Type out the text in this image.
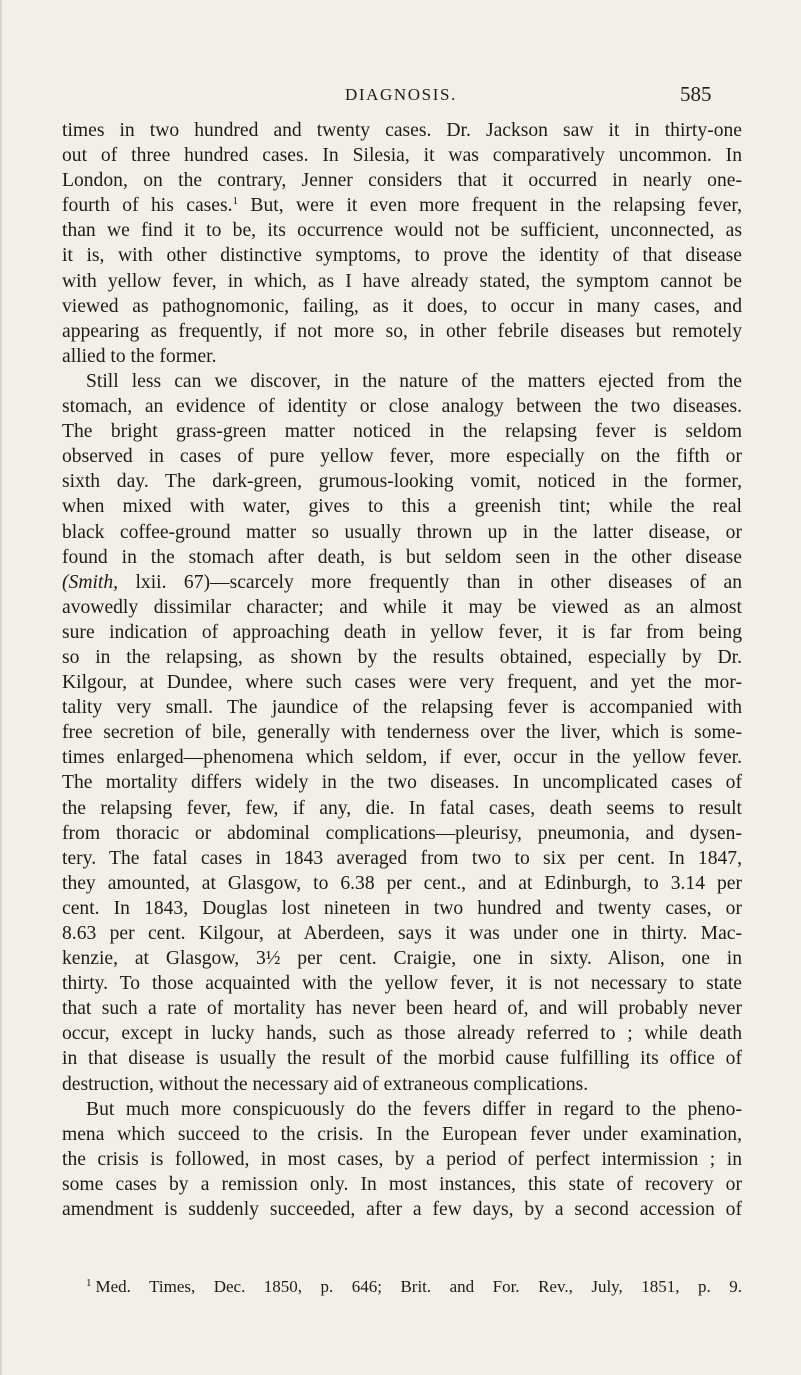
DIAGNOSIS.	585
times in two hundred and twenty cases. Dr. Jackson saw it in thirty-one
out of three hundred cases. In Silesia, it was comparatively uncommon. In
London, on the contrary, Jenner considers that it occurred in nearly one-
fourth of his cases.$^1$ But, were it even more frequent in the relapsing fever,
than we find it to be, its occurrence would not be sufficient, unconnected, as
it is, with other distinctive symptoms, to prove the identity of that disease
with yellow fever, in which, as I have already stated, the symptom cannot be
viewed as pathognomonic, failing, as it does, to occur in many cases, and
appearing as frequently, if not more so, in other febrile diseases but remotely
allied to the former.
Still less can we discover, in the nature of the matters ejected from the
stomach, an evidence of identity or close analogy between the two diseases.
The bright grass-green matter noticed in the relapsing fever is seldom
observed in cases of pure yellow fever, more especially on the fifth or
sixth day. The dark-green, grumous-looking vomit, noticed in the former,
when mixed with water, gives to this a greenish tint; while the real
black coffee-ground matter so usually thrown up in the latter disease, or
found in the stomach after death, is but seldom seen in the other disease
(Smith, lxii. 67)—scarcely more frequently than in other diseases of an
avowedly dissimilar character; and while it may be viewed as an almost
sure indication of approaching death in yellow fever, it is far from being
so in the relapsing, as shown by the results obtained, especially by Dr.
Kilgour, at Dundee, where such cases were very frequent, and yet the mor-
tality very small. The jaundice of the relapsing fever is accompanied with
free secretion of bile, generally with tenderness over the liver, which is some-
times enlarged—phenomena which seldom, if ever, occur in the yellow fever.
The mortality differs widely in the two diseases. In uncomplicated cases of
the relapsing fever, few, if any, die. In fatal cases, death seems to result
from thoracic or abdominal complications—pleurisy, pneumonia, and dysen-
tery. The fatal cases in 1843 averaged from two to six per cent. In 1847,
they amounted, at Glasgow, to 6.38 per cent., and at Edinburgh, to 3.14 per
cent. In 1843, Douglas lost nineteen in two hundred and twenty cases, or
8.63 per cent. Kilgour, at Aberdeen, says it was under one in thirty. Mac-
kenzie, at Glasgow, 3½ per cent. Craigie, one in sixty. Alison, one in
thirty. To those acquainted with the yellow fever, it is not necessary to state
that such a rate of mortality has never been heard of, and will probably never
occur, except in lucky hands, such as those already referred to ; while death
in that disease is usually the result of the morbid cause fulfilling its office of
destruction, without the necessary aid of extraneous complications.
But much more conspicuously do the fevers differ in regard to the pheno-
mena which succeed to the crisis. In the European fever under examination,
the crisis is followed, in most cases, by a period of perfect intermission ; in
some cases by a remission only. In most instances, this state of recovery or
amendment is suddenly succeeded, after a few days, by a second accession of
$^1$ Med. Times, Dec. 1850, p. 646; Brit. and For. Rev., July, 1851, p. 9.
